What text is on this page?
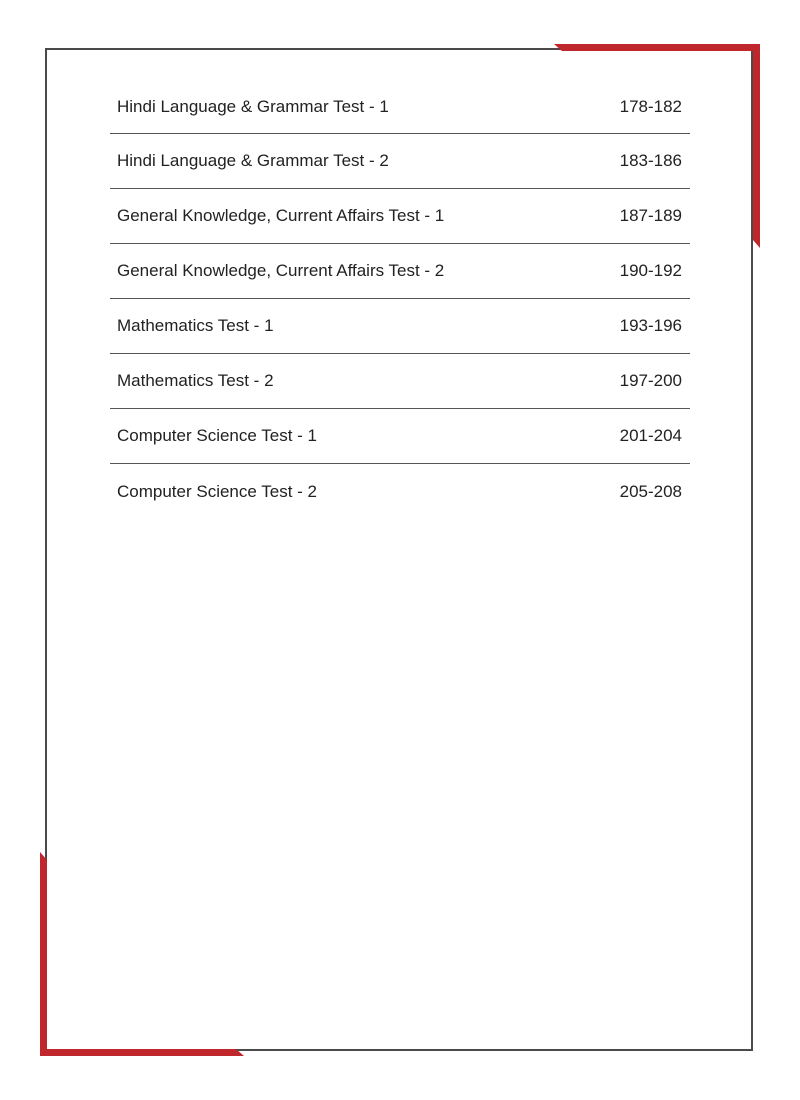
Hindi Language & Grammar Test - 1	178-182
Hindi Language & Grammar Test - 2	183-186
General Knowledge, Current Affairs Test - 1	187-189
General Knowledge, Current Affairs Test - 2	190-192
Mathematics Test - 1	193-196
Mathematics Test - 2	197-200
Computer Science Test - 1	201-204
Computer Science Test - 2	205-208
